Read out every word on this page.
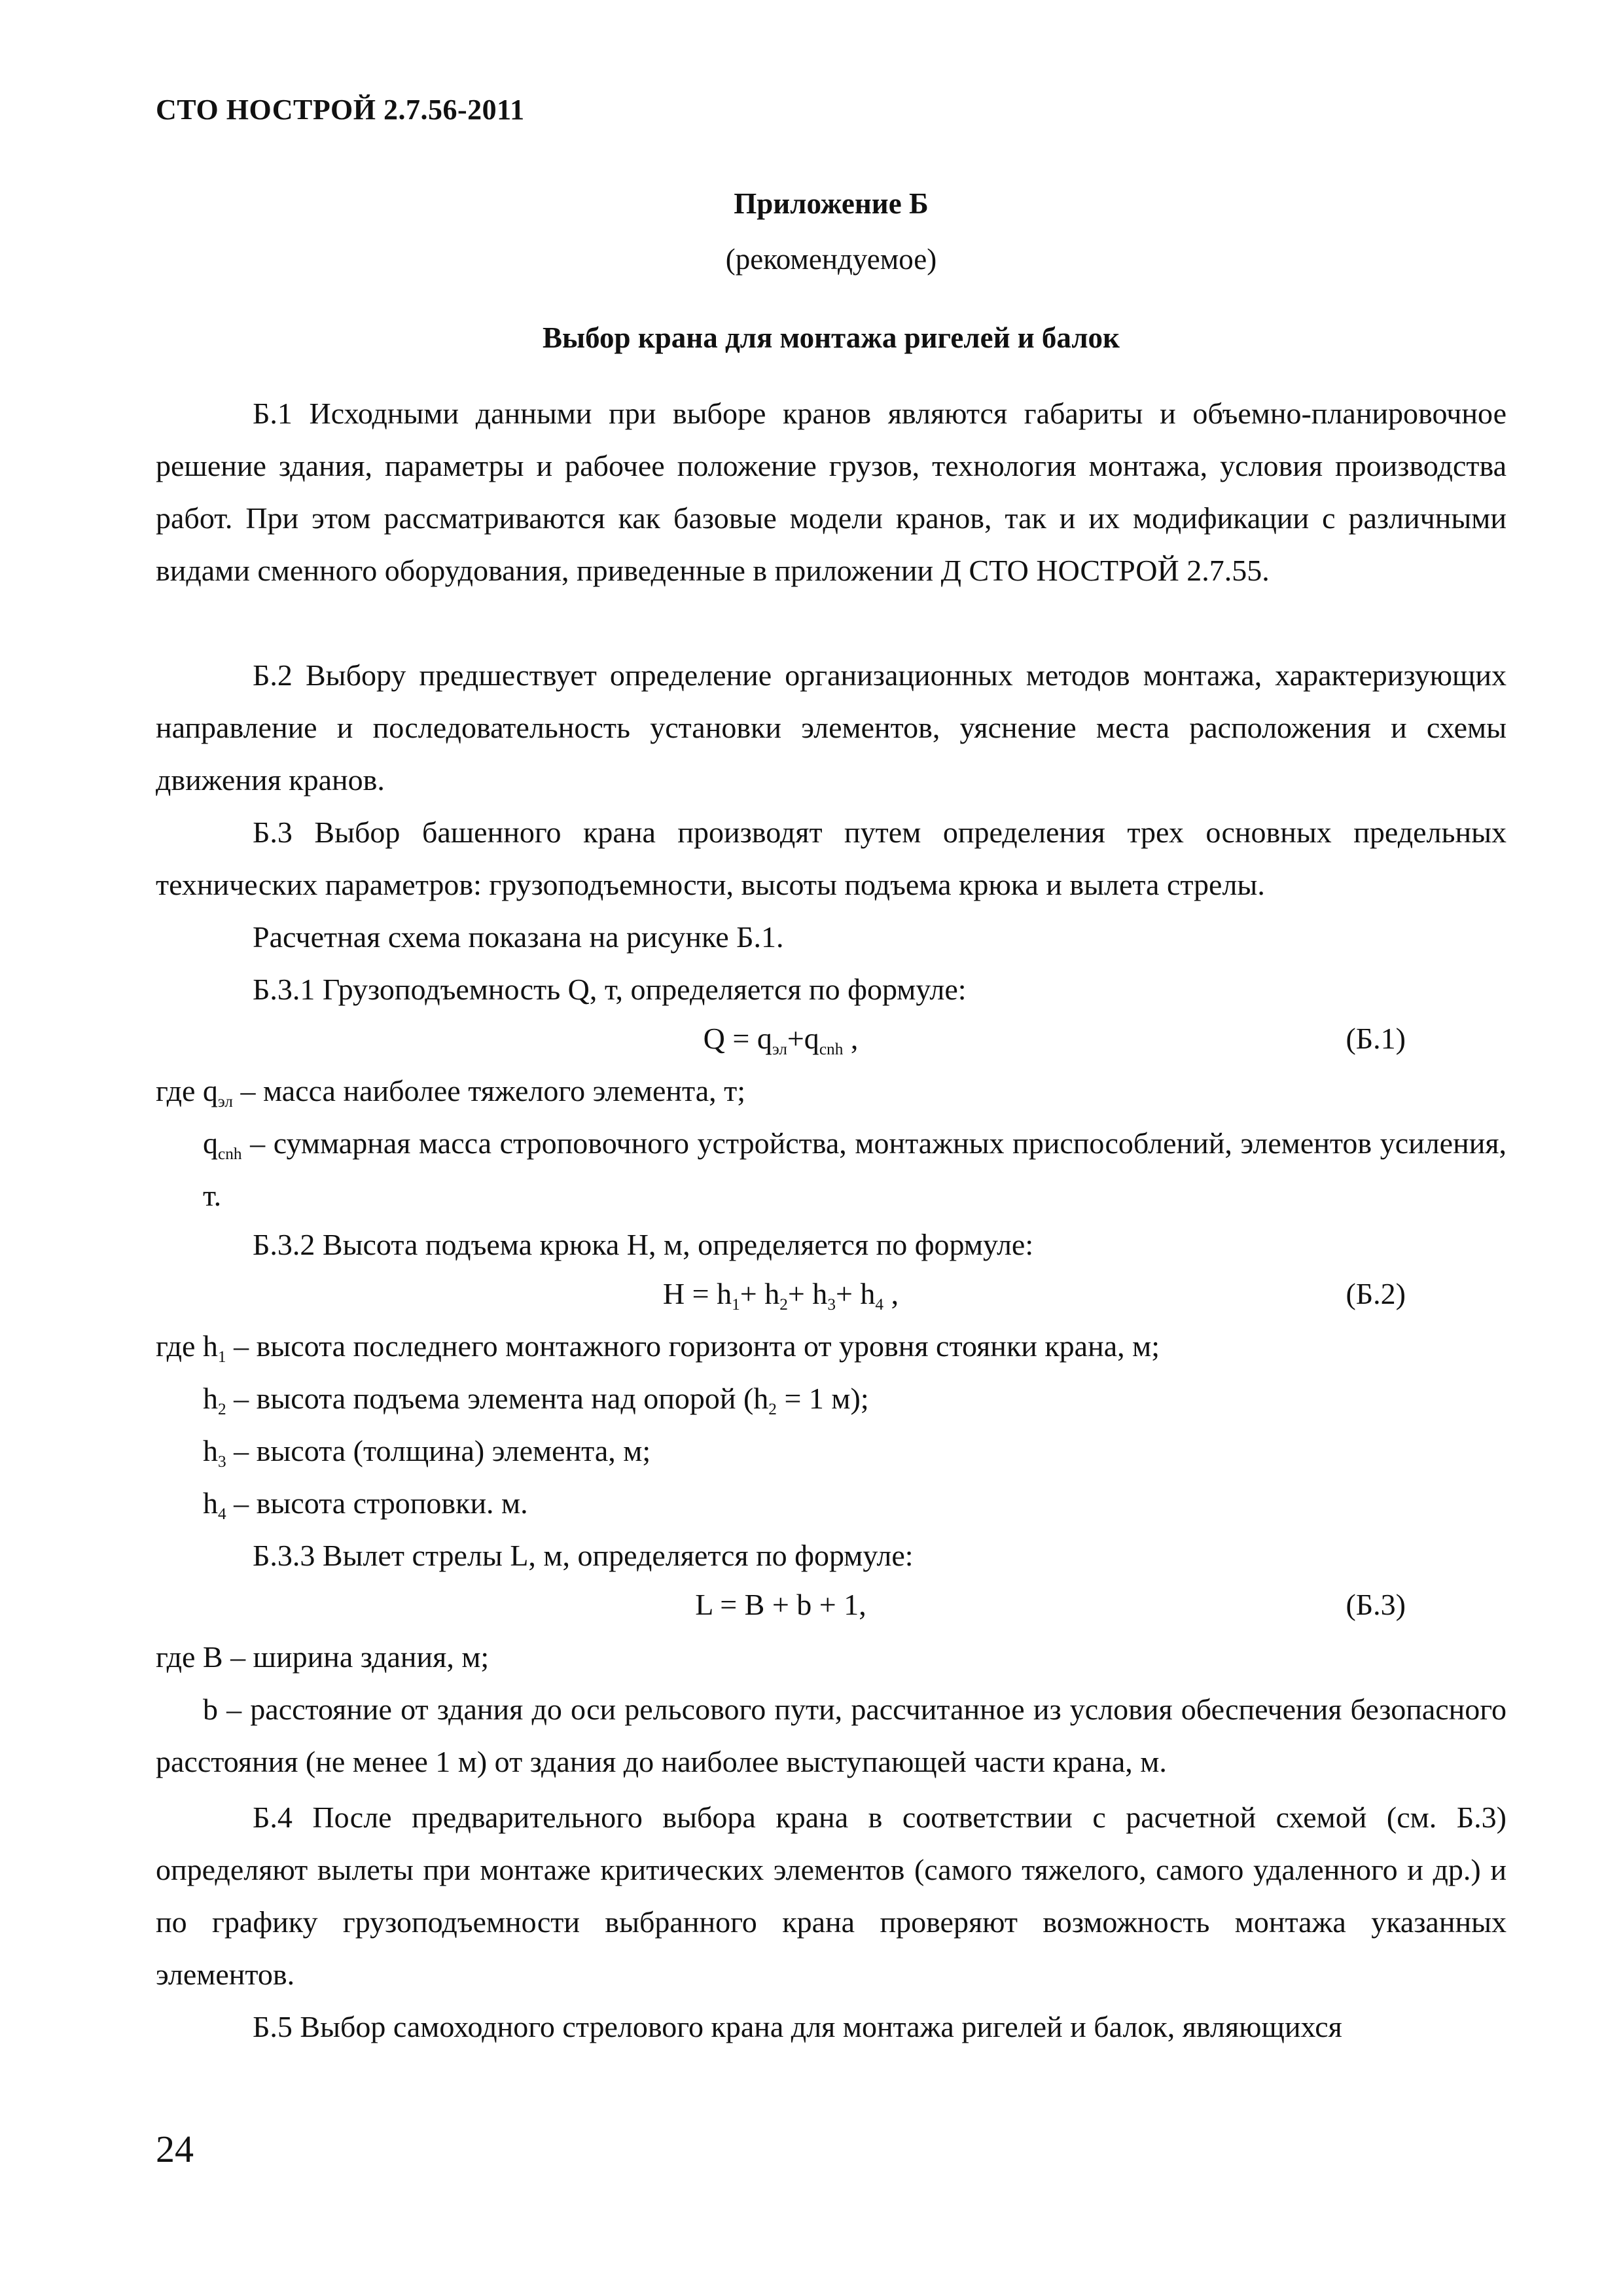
СТО НОСТРОЙ 2.7.56-2011
Приложение Б
(рекомендуемое)
Выбор крана для монтажа ригелей и балок
Б.1 Исходными данными при выборе кранов являются габариты и объемно-планировочное решение здания, параметры и рабочее положение грузов, технология монтажа, условия производства работ. При этом рассматриваются как базовые модели кранов, так и их модификации с различными видами сменного оборудования, приведенные в приложении Д СТО НОСТРОЙ 2.7.55.
Б.2 Выбору предшествует определение организационных методов монтажа, характеризующих направление и последовательность установки элементов, уяснение места расположения и схемы движения кранов.
Б.3 Выбор башенного крана производят путем определения трех основных предельных технических параметров: грузоподъемности, высоты подъема крюка и вылета стрелы.
Расчетная схема показана на рисунке Б.1.
Б.3.1 Грузоподъемность Q, т, определяется по формуле:
$Q = q_{эл}+q_{cnh}$ ,	(Б.1)
где $q_{эл}$ – масса наиболее тяжелого элемента, т;
$q_{cnh}$ – суммарная масса строповочного устройства, монтажных приспособлений, элементов усиления, т.
Б.3.2 Высота подъема крюка H, м, определяется по формуле:
$H = h_1+ h_2+ h_3+ h_4$ ,	(Б.2)
где $h_1$ – высота последнего монтажного горизонта от уровня стоянки крана, м;
$h_2$ – высота подъема элемента над опорой ($h_2 = 1$ м);
$h_3$ – высота (толщина) элемента, м;
$h_4$ – высота строповки. м.
Б.3.3 Вылет стрелы L, м, определяется по формуле:
L = B + b + 1,	(Б.3)
где B – ширина здания, м;
b – расстояние от здания до оси рельсового пути, рассчитанное из условия обеспечения безопасного расстояния (не менее 1 м) от здания до наиболее выступающей части крана, м.
Б.4 После предварительного выбора крана в соответствии с расчетной схемой (см. Б.3) определяют вылеты при монтаже критических элементов (самого тяжелого, самого удаленного и др.) и по графику грузоподъемности выбранного крана проверяют возможность монтажа указанных элементов.
Б.5 Выбор самоходного стрелового крана для монтажа ригелей и балок, являющихся
24
